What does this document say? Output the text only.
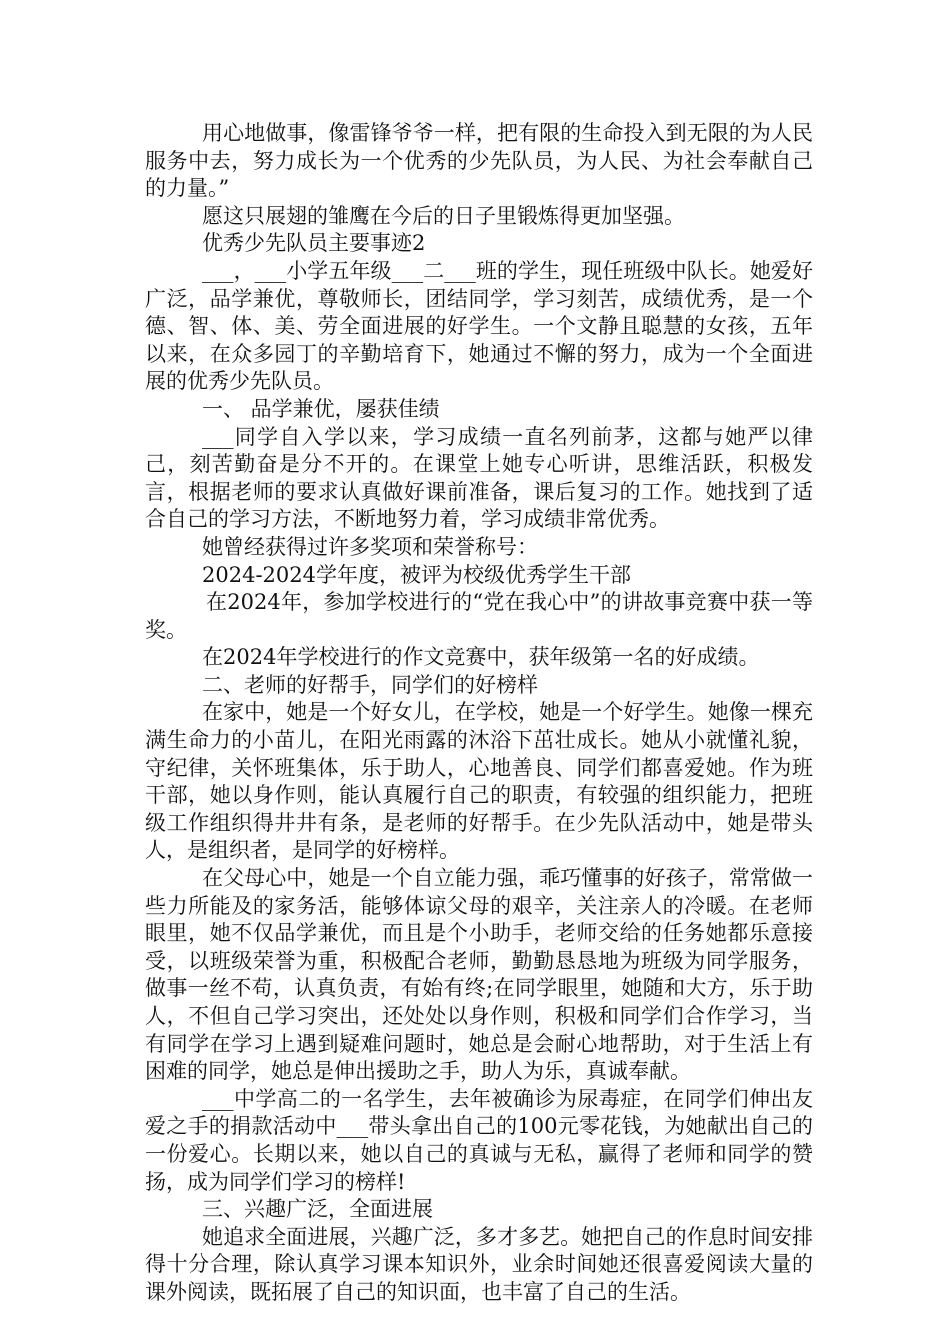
用心地做事，像雷锋爷爷一样，把有限的生命投入到无限的为人民服务中去，努力成长为一个优秀的少先队员，为人民、为社会奉献自己的力量。”

愿这只展翅的雏鹰在今后的日子里锻炼得更加坚强。

优秀少先队员主要事迹2

___，___小学五年级___二___班的学生，现任班级中队长。她爱好广泛，品学兼优，尊敬师长，团结同学，学习刻苦，成绩优秀，是一个德、智、体、美、劳全面进展的好学生。一个文静且聪慧的女孩，五年以来，在众多园丁的辛勤培育下，她通过不懈的努力，成为一个全面进展的优秀少先队员。

一、 品学兼优，屡获佳绩

___同学自入学以来，学习成绩一直名列前茅，这都与她严以律己，刻苦勤奋是分不开的。在课堂上她专心听讲，思维活跃，积极发言，根据老师的要求认真做好课前准备，课后复习的工作。她找到了适合自己的学习方法，不断地努力着，学习成绩非常优秀。

她曾经获得过许多奖项和荣誉称号：

2024-2024学年度，被评为校级优秀学生干部

在2024年，参加学校进行的“党在我心中”的讲故事竞赛中获一等奖。

在2024年学校进行的作文竞赛中，获年级第一名的好成绩。

二、老师的好帮手，同学们的好榜样

在家中，她是一个好女儿，在学校，她是一个好学生。她像一棵充满生命力的小苗儿，在阳光雨露的沐浴下茁壮成长。她从小就懂礼貌，守纪律，关怀班集体，乐于助人，心地善良、同学们都喜爱她。作为班干部，她以身作则，能认真履行自己的职责，有较强的组织能力，把班级工作组织得井井有条，是老师的好帮手。在少先队活动中，她是带头人，是组织者，是同学的好榜样。

在父母心中，她是一个自立能力强，乖巧懂事的好孩子，常常做一些力所能及的家务活，能够体谅父母的艰辛，关注亲人的冷暖。在老师眼里，她不仅品学兼优，而且是个小助手，老师交给的任务她都乐意接受，以班级荣誉为重，积极配合老师，勤勤恳恳地为班级为同学服务，做事一丝不苟，认真负责，有始有终;在同学眼里，她随和大方，乐于助人，不但自己学习突出，还处处以身作则，积极和同学们合作学习，当有同学在学习上遇到疑难问题时，她总是会耐心地帮助，对于生活上有困难的同学，她总是伸出援助之手，助人为乐，真诚奉献。

___中学高二的一名学生，去年被确诊为尿毒症，在同学们伸出友爱之手的捐款活动中___带头拿出自己的100元零花钱，为她献出自己的一份爱心。长期以来，她以自己的真诚与无私，赢得了老师和同学的赞扬，成为同学们学习的榜样!

三、兴趣广泛，全面进展

她追求全面进展，兴趣广泛，多才多艺。她把自己的作息时间安排得十分合理，除认真学习课本知识外，业余时间她还很喜爱阅读大量的课外阅读，既拓展了自己的知识面，也丰富了自己的生活。
